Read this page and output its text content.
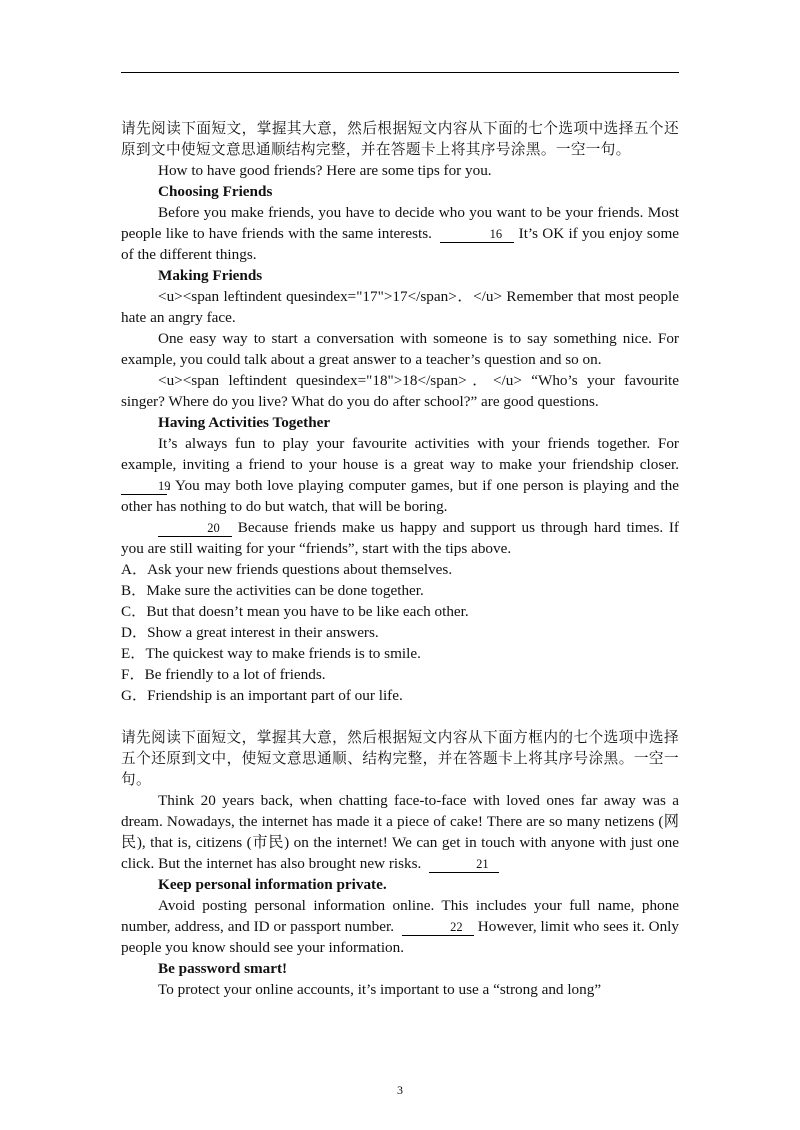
请先阅读下面短文，掌握其大意，然后根据短文内容从下面的七个选项中选择五个还原到文中使短文意思通顺结构完整，并在答题卡上将其序号涂黑。一空一句。
How to have good friends? Here are some tips for you.
Choosing Friends
Before you make friends, you have to decide who you want to be your friends. Most people like to have friends with the same interests.	16 It’s OK if you enjoy some of the different things.
Making Friends
<u><span leftindent quesindex="17">17</span>．</u> Remember that most people hate an angry face.
One easy way to start a conversation with someone is to say something nice. For example, you could talk about a great answer to a teacher’s question and so on.
<u><span leftindent quesindex="18">18</span>．</u> “Who’s your favourite singer? Where do you live? What do you do after school?” are good questions.
Having Activities Together
It’s always fun to play your favourite activities with your friends together. For example, inviting a friend to your house is a great way to make your friendship closer. 19. You may both love playing computer games, but if one person is playing and the other has nothing to do but watch, that will be boring.
20 Because friends make us happy and support us through hard times. If you are still waiting for your “friends”, start with the tips above.
A．Ask your new friends questions about themselves.
B．Make sure the activities can be done together.
C．But that doesn’t mean you have to be like each other.
D．Show a great interest in their answers.
E．The quickest way to make friends is to smile.
F．Be friendly to a lot of friends.
G．Friendship is an important part of our life.
请先阅读下面短文，掌握其大意，然后根据短文内容从下面方框内的七个选项中选择五个还原到文中，使短文意思通顺、结构完整，并在答题卡上将其序号涂黑。一空一句。
Think 20 years back, when chatting face-to-face with loved ones far away was a dream. Nowadays, the internet has made it a piece of cake! There are so many netizens (网民), that is, citizens (市民) on the internet! We can get in touch with anyone with just one click. But the internet has also brought new risks.	21
Keep personal information private.
Avoid posting personal information online. This includes your full name, phone number, address, and ID or passport number.	22 However, limit who sees it. Only people you know should see your information.
Be password smart!
To protect your online accounts, it’s important to use a “strong and long”
3
